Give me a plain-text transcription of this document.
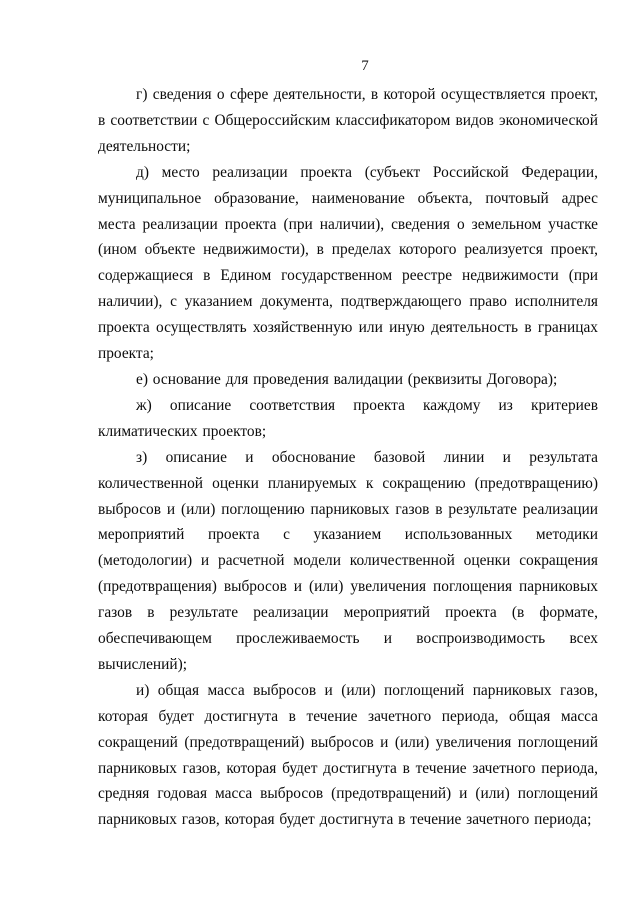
7

г) сведения о сфере деятельности, в которой осуществляется проект, в соответствии с Общероссийским классификатором видов экономической деятельности;

д) место реализации проекта (субъект Российской Федерации, муниципальное образование, наименование объекта, почтовый адрес места реализации проекта (при наличии), сведения о земельном участке (ином объекте недвижимости), в пределах которого реализуется проект, содержащиеся в Едином государственном реестре недвижимости (при наличии), с указанием документа, подтверждающего право исполнителя проекта осуществлять хозяйственную или иную деятельность в границах проекта;

е) основание для проведения валидации (реквизиты Договора);

ж) описание соответствия проекта каждому из критериев климатических проектов;

з) описание и обоснование базовой линии и результата количественной оценки планируемых к сокращению (предотвращению) выбросов и (или) поглощению парниковых газов в результате реализации мероприятий проекта с указанием использованных методики (методологии) и расчетной модели количественной оценки сокращения (предотвращения) выбросов и (или) увеличения поглощения парниковых газов в результате реализации мероприятий проекта (в формате, обеспечивающем прослеживаемость и воспроизводимость всех вычислений);

и) общая масса выбросов и (или) поглощений парниковых газов, которая будет достигнута в течение зачетного периода, общая масса сокращений (предотвращений) выбросов и (или) увеличения поглощений парниковых газов, которая будет достигнута в течение зачетного периода, средняя годовая масса выбросов (предотвращений) и (или) поглощений парниковых газов, которая будет достигнута в течение зачетного периода;
